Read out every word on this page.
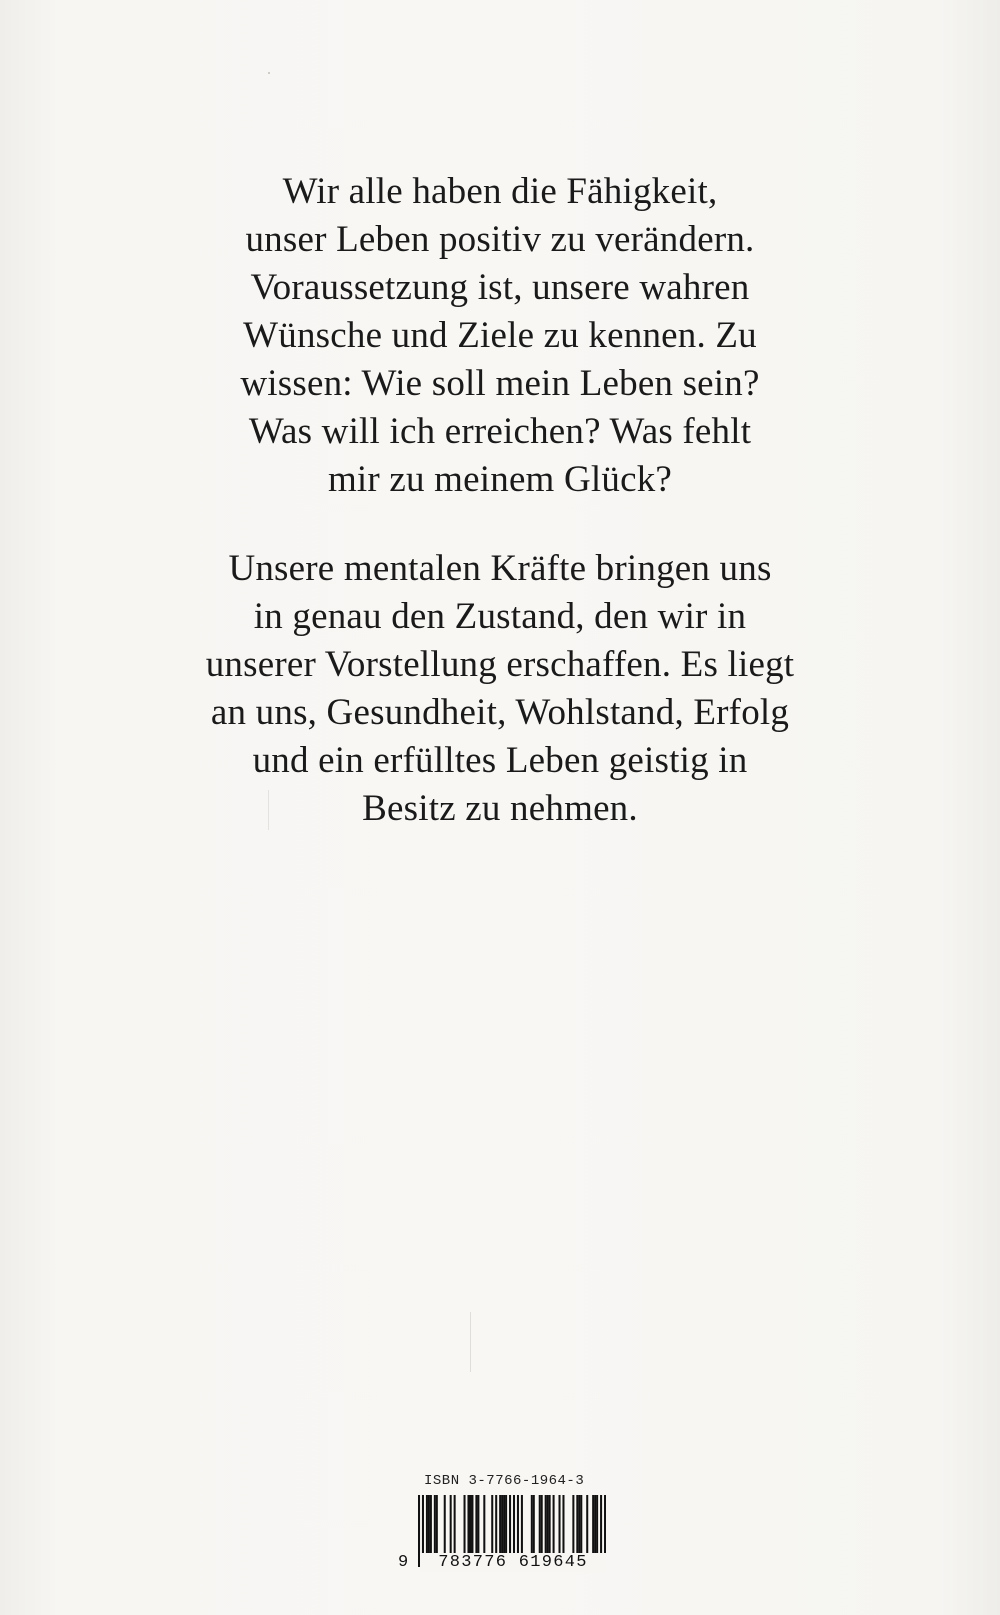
Wir alle haben die Fähigkeit,
unser Leben positiv zu verändern.
Voraussetzung ist, unsere wahren
Wünsche und Ziele zu kennen. Zu
wissen: Wie soll mein Leben sein?
Was will ich erreichen? Was fehlt
mir zu meinem Glück?

Unsere mentalen Kräfte bringen uns
in genau den Zustand, den wir in
unserer Vorstellung erschaffen. Es liegt
an uns, Gesundheit, Wohlstand, Erfolg
und ein erfülltes Leben geistig in
Besitz zu nehmen.

ISBN 3-7766-1964-3
9	783776 619645
